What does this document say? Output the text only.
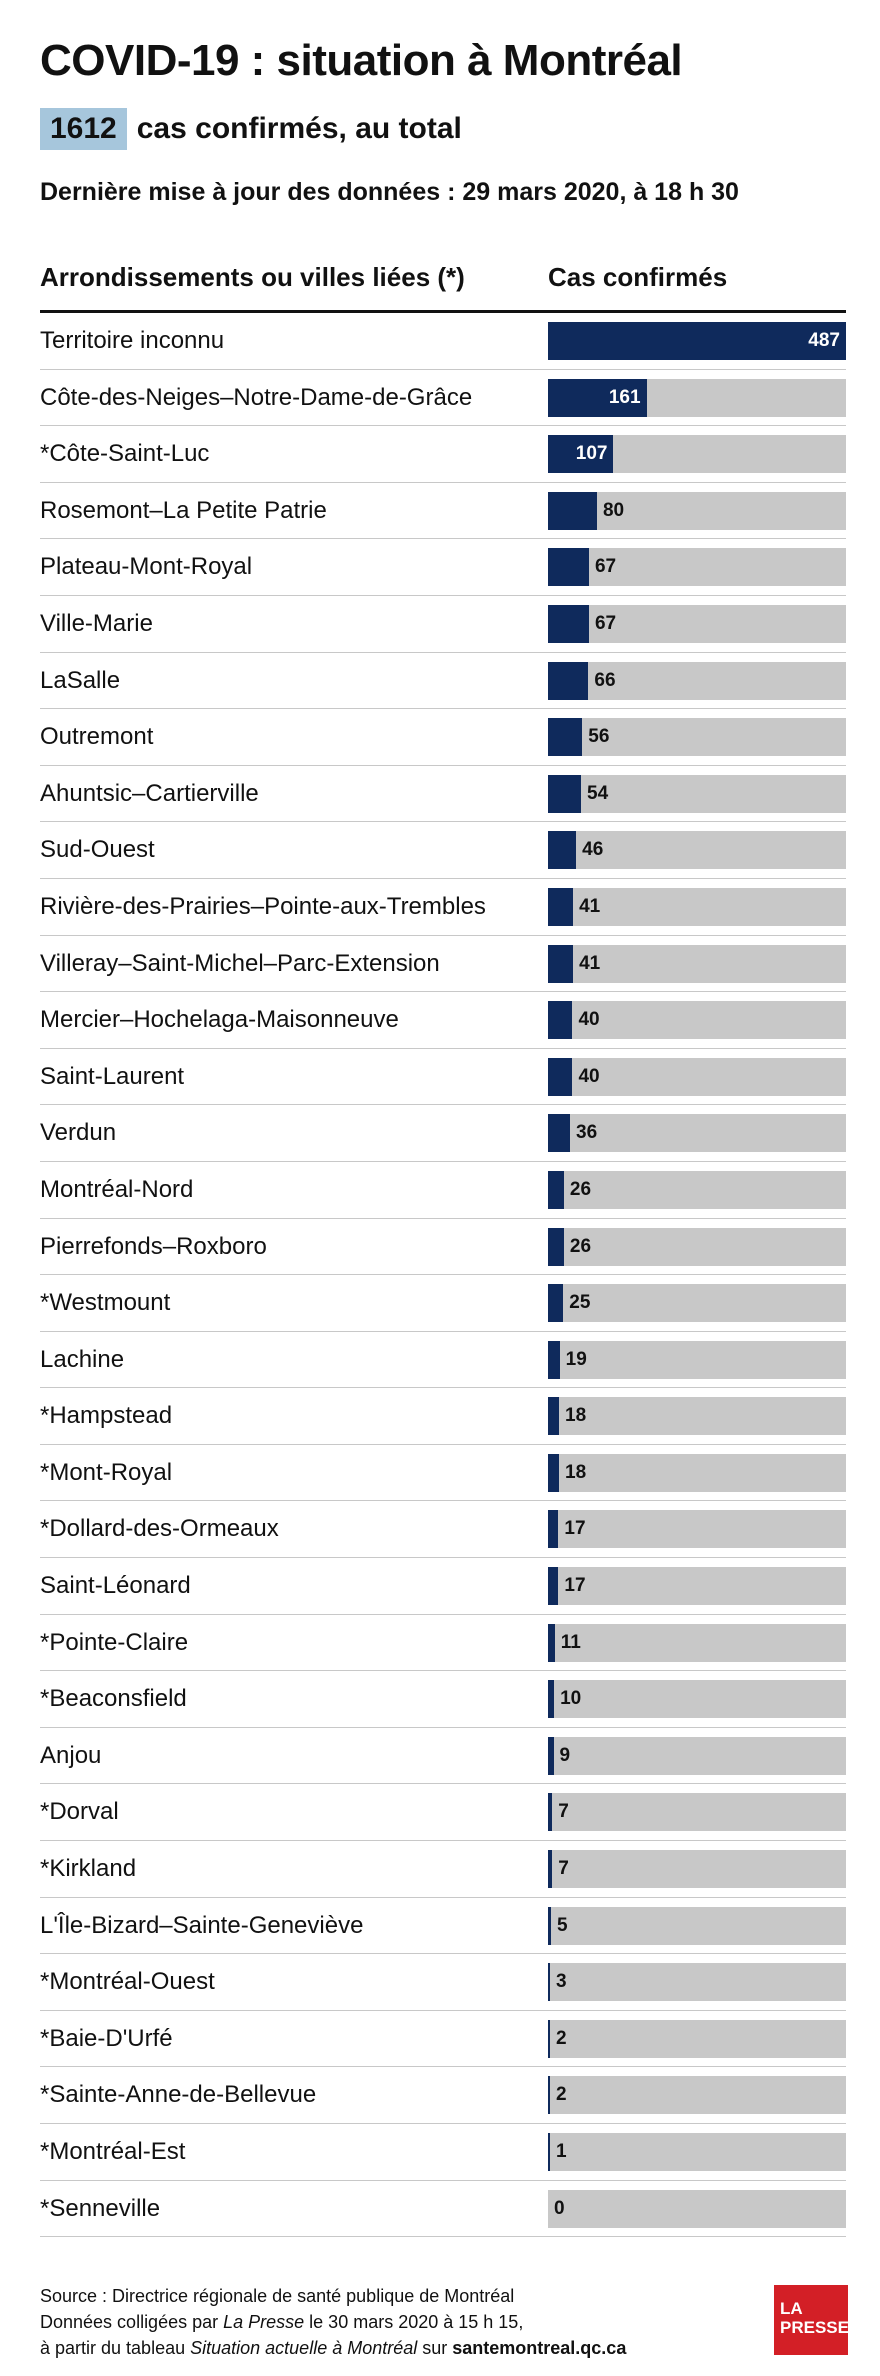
COVID-19 : situation à Montréal
1612 cas confirmés, au total
Dernière mise à jour des données : 29 mars 2020, à 18 h 30
Arrondissements ou villes liées (*)	Cas confirmés
Territoire inconnu	487
Côte-des-Neiges–Notre-Dame-de-Grâce	161
*Côte-Saint-Luc	107
Rosemont–La Petite Patrie	80
Plateau-Mont-Royal	67
Ville-Marie	67
LaSalle	66
Outremont	56
Ahuntsic–Cartierville	54
Sud-Ouest	46
Rivière-des-Prairies–Pointe-aux-Trembles	41
Villeray–Saint-Michel–Parc-Extension	41
Mercier–Hochelaga-Maisonneuve	40
Saint-Laurent	40
Verdun	36
Montréal-Nord	26
Pierrefonds–Roxboro	26
*Westmount	25
Lachine	19
*Hampstead	18
*Mont-Royal	18
*Dollard-des-Ormeaux	17
Saint-Léonard	17
*Pointe-Claire	11
*Beaconsfield	10
Anjou	9
*Dorval	7
*Kirkland	7
L'Île-Bizard–Sainte-Geneviève	5
*Montréal-Ouest	3
*Baie-D'Urfé	2
*Sainte-Anne-de-Bellevue	2
*Montréal-Est	1
*Senneville	0
Source : Directrice régionale de santé publique de Montréal
Données colligées par La Presse le 30 mars 2020 à 15 h 15,
à partir du tableau Situation actuelle à Montréal sur santemontreal.qc.ca
LA
PRESSE
